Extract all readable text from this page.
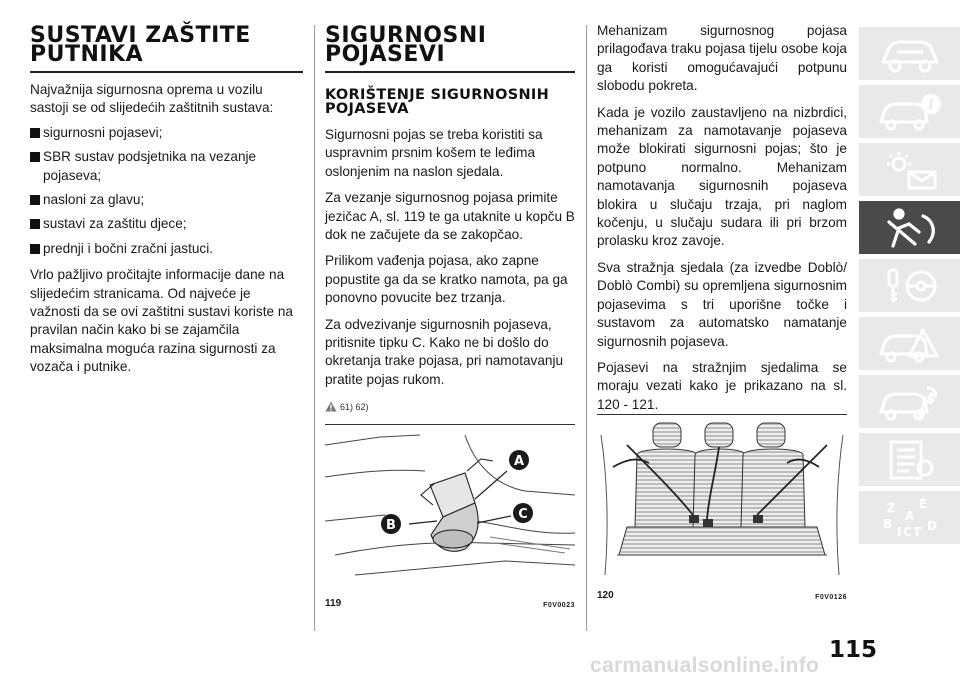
SUSTAVI ZAŠTITE PUTNIKA
Najvažnija sigurnosna oprema u vozilu sastoji se od slijedećih zaštitnih sustava:
sigurnosni pojasevi;
SBR sustav podsjetnika na vezanje pojaseva;
nasloni za glavu;
sustavi za zaštitu djece;
prednji i bočni zračni jastuci.
Vrlo pažljivo pročitajte informacije dane na slijedećim stranicama. Od najveće je važnosti da se ovi zaštitni sustavi koriste na pravilan način kako bi se zajamčila maksimalna moguća razina sigurnosti za vozača i putnike.
SIGURNOSNI POJASEVI
KORIŠTENJE SIGURNOSNIH POJASEVA
Sigurnosni pojas se treba koristiti sa uspravnim prsnim košem te leđima oslonjenim na naslon sjedala.
Za vezanje sigurnosnog pojasa primite jezičac A, sl. 119 te ga utaknite u kopču B dok ne začujete da se zakopčao.
Prilikom vađenja pojasa, ako zapne popustite ga da se kratko namota, pa ga ponovno povucite bez trzanja.
Za odvezivanje sigurnosnih pojaseva, pritisnite tipku C. Kako ne bi došlo do okretanja trake pojasa, pri namotavanju pratite pojas rukom.
61) 62)
A
B
C
119	F0V0023
Mehanizam sigurnosnog pojasa prilagođava traku pojasa tijelu osobe koja ga koristi omogućavajući potpunu slobodu pokreta.
Kada je vozilo zaustavljeno na nizbrdici, mehanizam za namotavanje pojaseva može blokirati sigurnosni pojas; što je potpuno normalno. Mehanizam namotavanja sigurnosnih pojaseva blokira u slučaju trzaja, pri naglom kočenju, u slučaju sudara ili pri brzom prolasku kroz zavoje.
Sva stražnja sjedala (za izvedbe Doblò/ Doblò Combi) su opremljena sigurnosnim pojasevima s tri uporišne točke i sustavom za automatsko namatanje sigurnosnih pojaseva.
Pojasevi na stražnjim sjedalima se moraju vezati kako je prikazano na sl. 120 - 121.
120	F0V0126
i
Z É
A
B
I C T D
115
carmanualsonline.info
